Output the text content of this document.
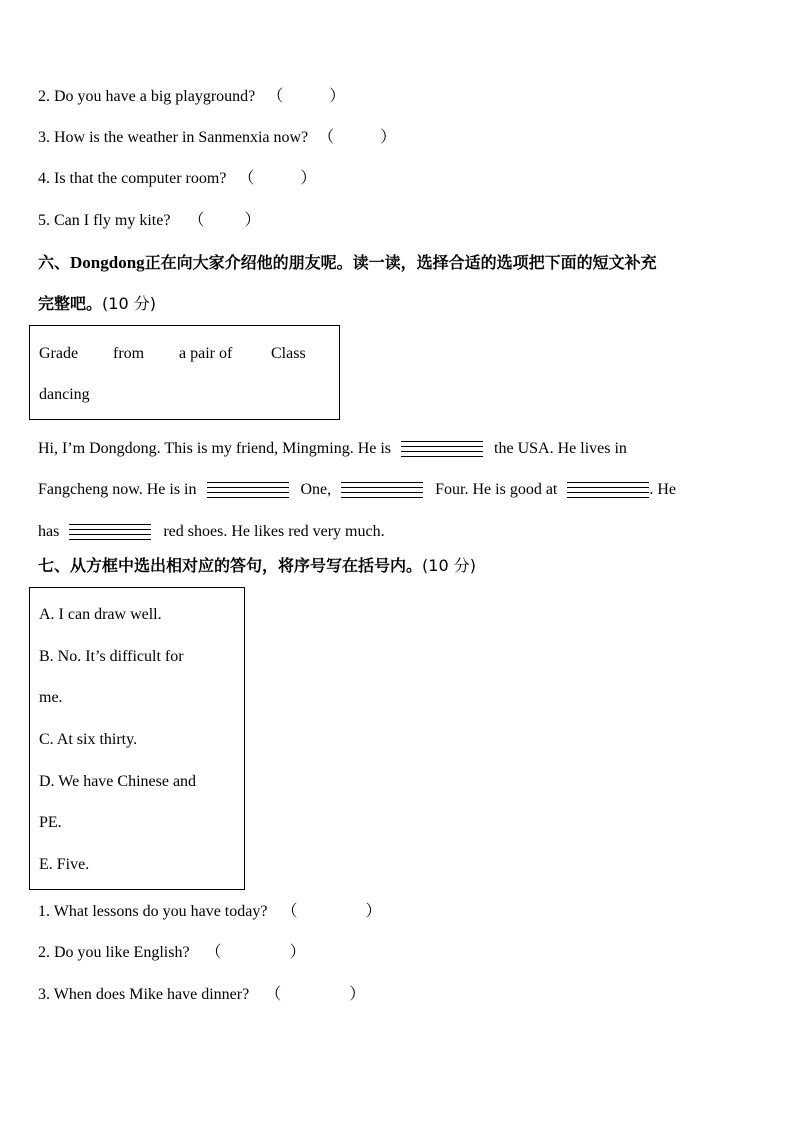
2. Do you have a big playground? （	）
3. How is the weather in Sanmenxia now? （	）
4. Is that the computer room? （	）
5. Can I fly my kite? （	）
六、Dongdong正在向大家介绍他的朋友呢。读一读，选择合适的选项把下面的短文补充
完整吧。(10 分)
Grade from a pair of Class
dancing
Hi, I’m Dongdong. This is my friend, Mingming. He is	the USA. He lives in
Fangcheng now. He is in	One,	Four. He is good at	. He
has	red shoes. He likes red very much.
七、从方框中选出相对应的答句，将序号写在括号内。(10 分)
A. I can draw well.
B. No. It’s difficult for
me.
C. At six thirty.
D. We have Chinese and
PE.
E. Five.
1. What lessons do you have today? （	）
2. Do you like English? （	）
3. When does Mike have dinner? （	）
